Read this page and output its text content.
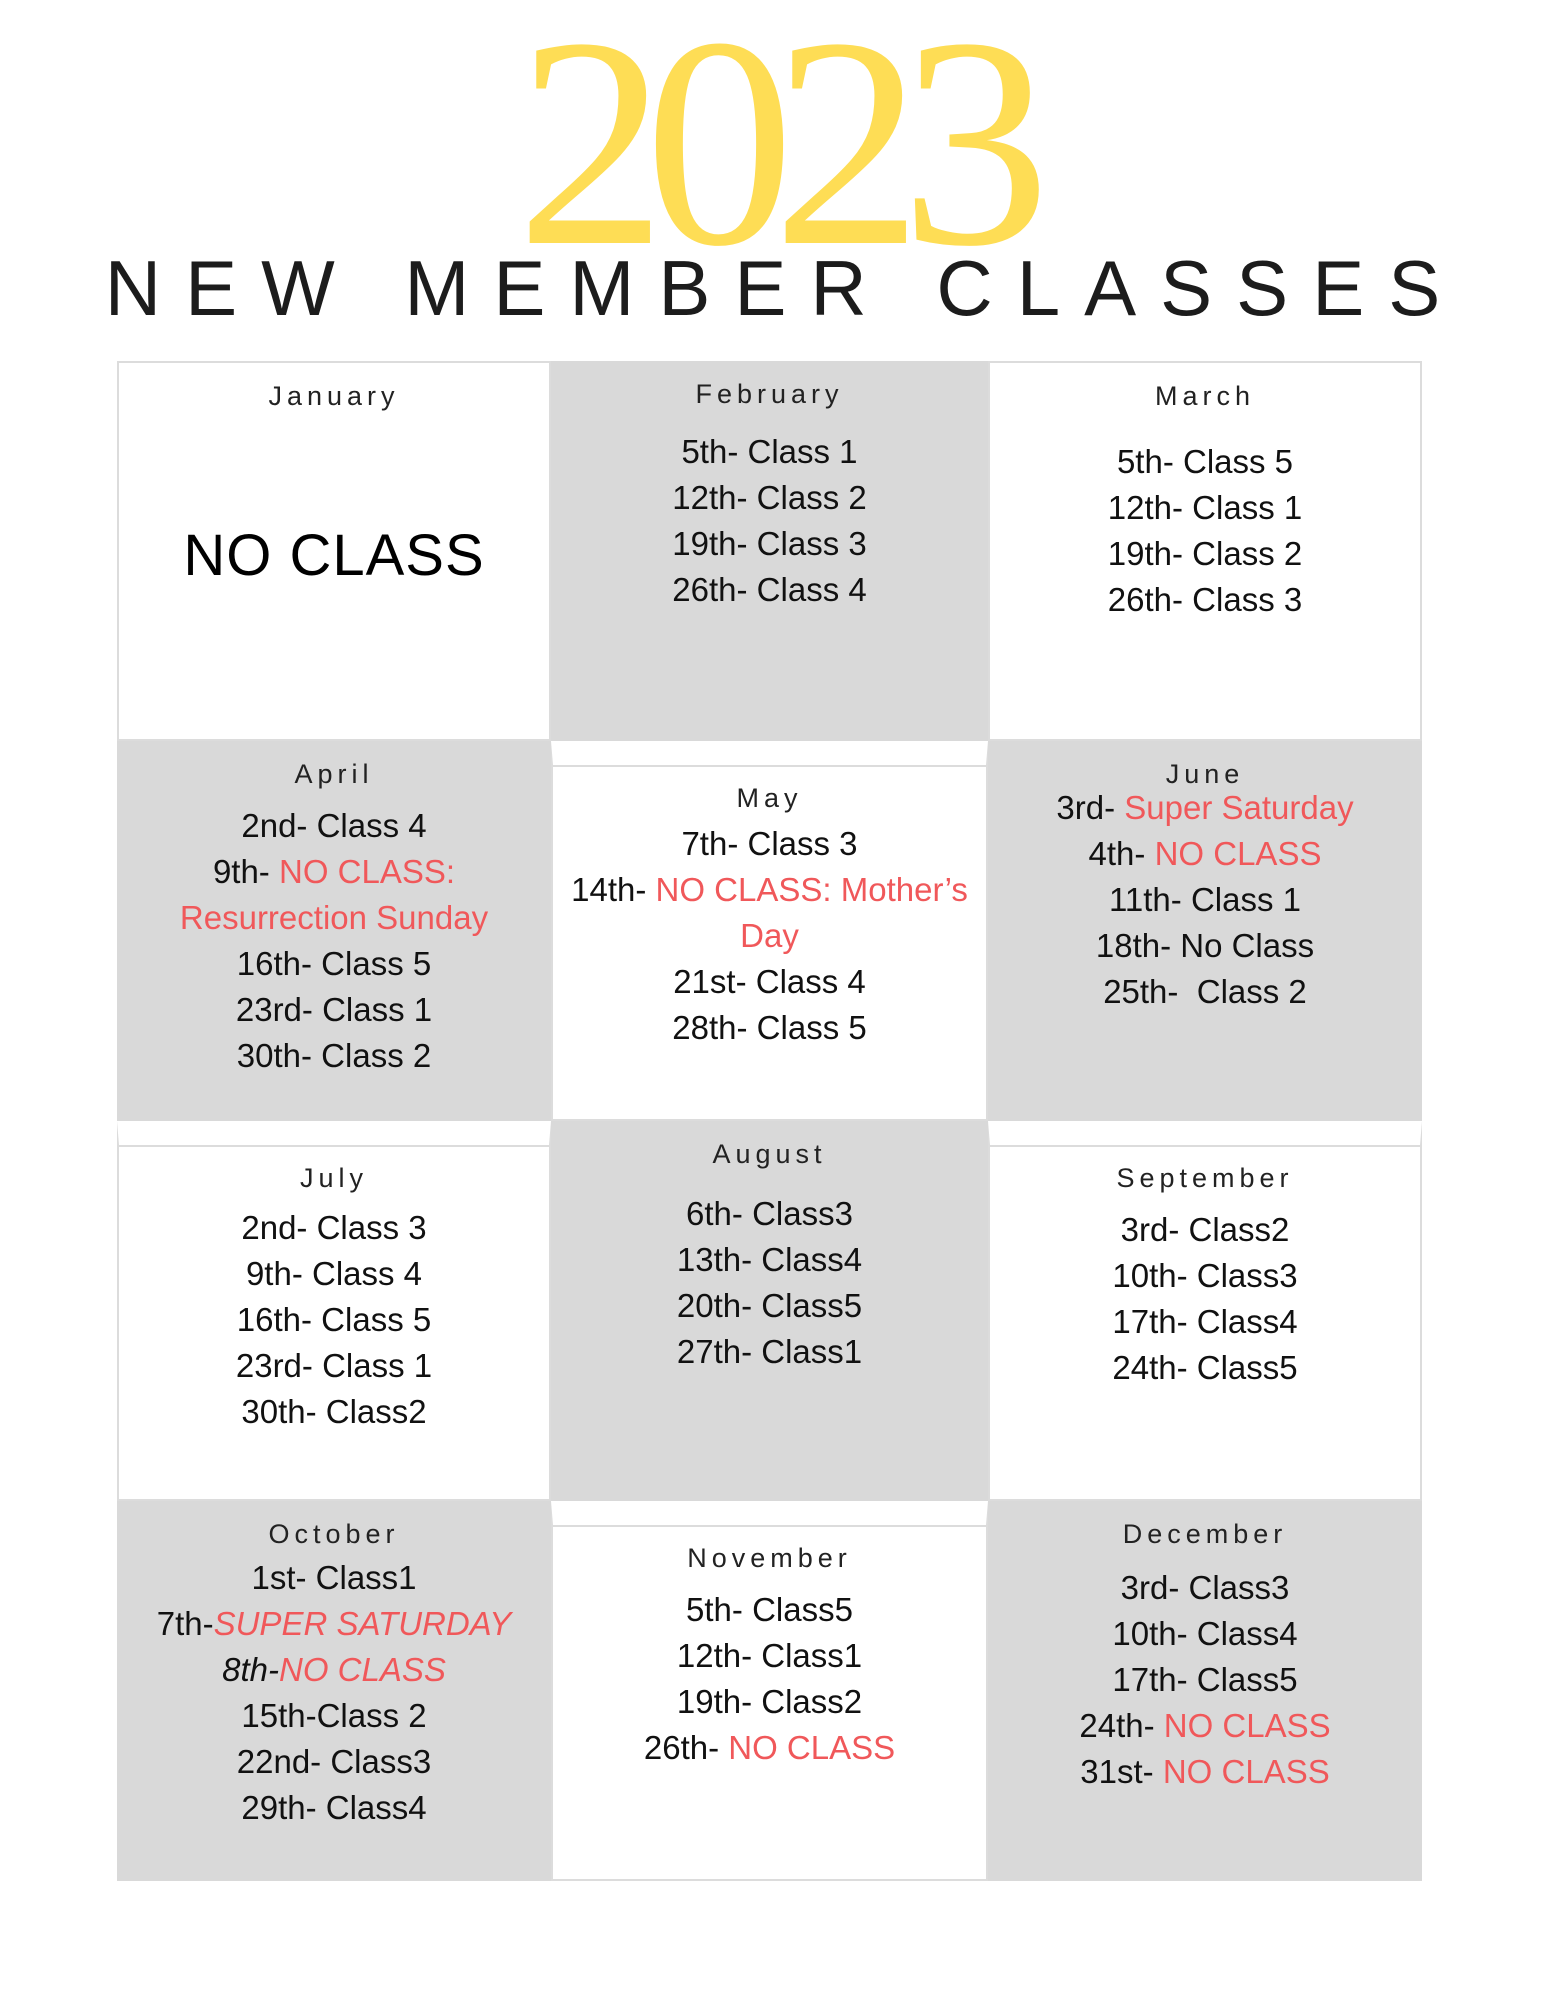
2023
NEW MEMBER CLASSES
January
NO CLASS
February
5th- Class 1
12th- Class 2
19th- Class 3
26th- Class 4
March
5th- Class 5
12th- Class 1
19th- Class 2
26th- Class 3
April
2nd- Class 4
9th- NO CLASS: Resurrection Sunday
16th- Class 5
23rd- Class 1
30th- Class 2
May
7th- Class 3
14th- NO CLASS: Mother’s Day
21st- Class 4
28th- Class 5
June
3rd- Super Saturday
4th- NO CLASS
11th- Class 1
18th- No Class
25th-  Class 2
July
2nd- Class 3
9th- Class 4
16th- Class 5
23rd- Class 1
30th- Class2
August
6th- Class3
13th- Class4
20th- Class5
27th- Class1
September
3rd- Class2
10th- Class3
17th- Class4
24th- Class5
October
1st- Class1
7th-SUPER SATURDAY
8th-NO CLASS
15th-Class 2
22nd- Class3
29th- Class4
November
5th- Class5
12th- Class1
19th- Class2
26th- NO CLASS
December
3rd- Class3
10th- Class4
17th- Class5
24th- NO CLASS
31st- NO CLASS
